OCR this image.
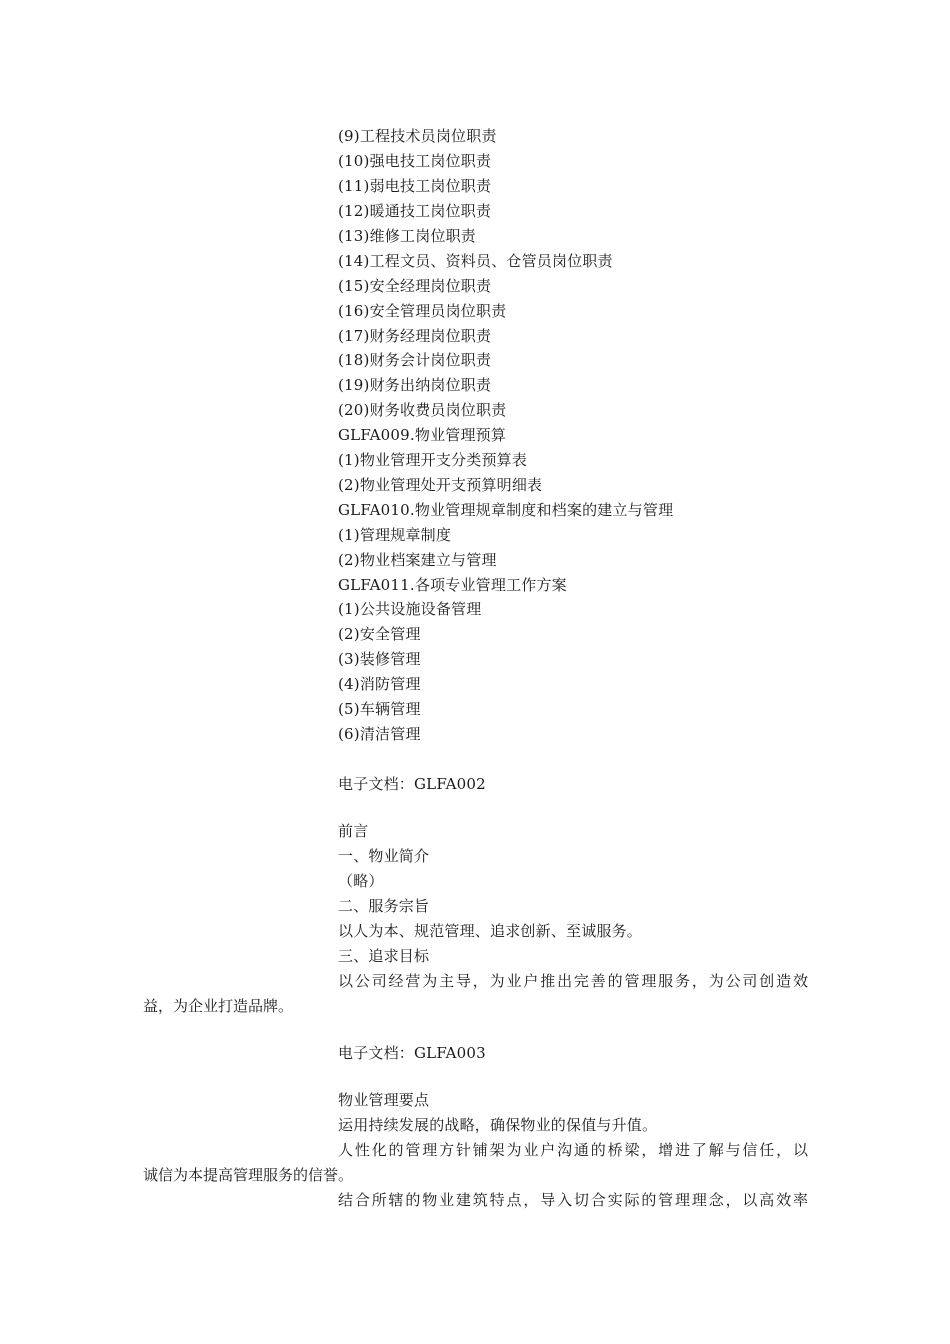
(9)工程技术员岗位职责
(10)强电技工岗位职责
(11)弱电技工岗位职责
(12)暖通技工岗位职责
(13)维修工岗位职责
(14)工程文员、资料员、仓管员岗位职责
(15)安全经理岗位职责
(16)安全管理员岗位职责
(17)财务经理岗位职责
(18)财务会计岗位职责
(19)财务出纳岗位职责
(20)财务收费员岗位职责
GLFA009.物业管理预算
(1)物业管理开支分类预算表
(2)物业管理处开支预算明细表
GLFA010.物业管理规章制度和档案的建立与管理
(1)管理规章制度
(2)物业档案建立与管理
GLFA011.各项专业管理工作方案
(1)公共设施设备管理
(2)安全管理
(3)装修管理
(4)消防管理
(5)车辆管理
(6)清洁管理
电子文档：GLFA002
前言
一、物业简介
（略）
二、服务宗旨
以人为本、规范管理、追求创新、至诚服务。
三、追求目标
以公司经营为主导，为业户推出完善的管理服务，为公司创造效
益，为企业打造品牌。
电子文档：GLFA003
物业管理要点
运用持续发展的战略，确保物业的保值与升值。
人性化的管理方针铺架为业户沟通的桥梁，增进了解与信任，以
诚信为本提高管理服务的信誉。
结合所辖的物业建筑特点，导入切合实际的管理理念，以高效率
